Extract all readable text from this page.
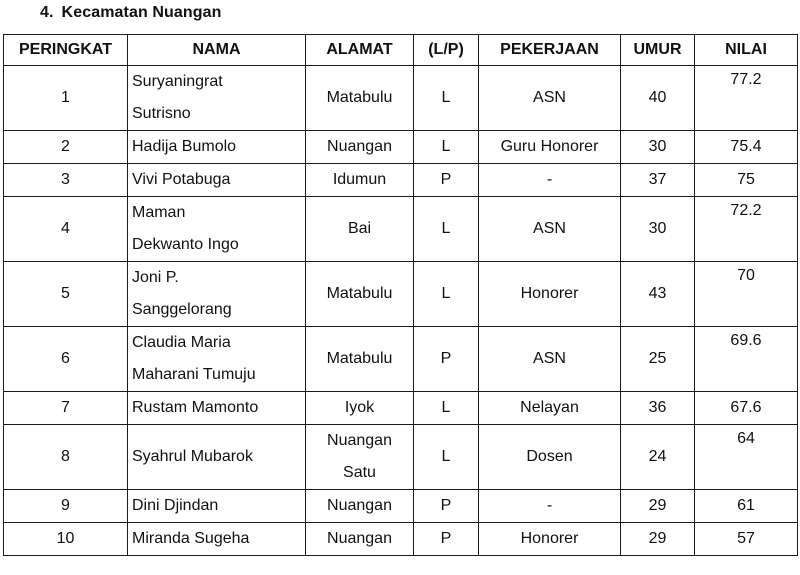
4. Kecamatan Nuangan
PERINGKAT	NAMA	ALAMAT	(L/P)	PEKERJAAN	UMUR	NILAI
1	Suryaningrat
Sutrisno	Matabulu	L	ASN	40	77.2
2	Hadija Bumolo	Nuangan	L	Guru Honorer	30	75.4
3	Vivi Potabuga	Idumun	P	-	37	75
4	Maman
Dekwanto Ingo	Bai	L	ASN	30	72.2
5	Joni P.
Sanggelorang	Matabulu	L	Honorer	43	70
6	Claudia Maria
Maharani Tumuju	Matabulu	P	ASN	25	69.6
7	Rustam Mamonto	Iyok	L	Nelayan	36	67.6
8	Syahrul Mubarok	Nuangan
Satu	L	Dosen	24	64
9	Dini Djindan	Nuangan	P	-	29	61
10	Miranda Sugeha	Nuangan	P	Honorer	29	57
